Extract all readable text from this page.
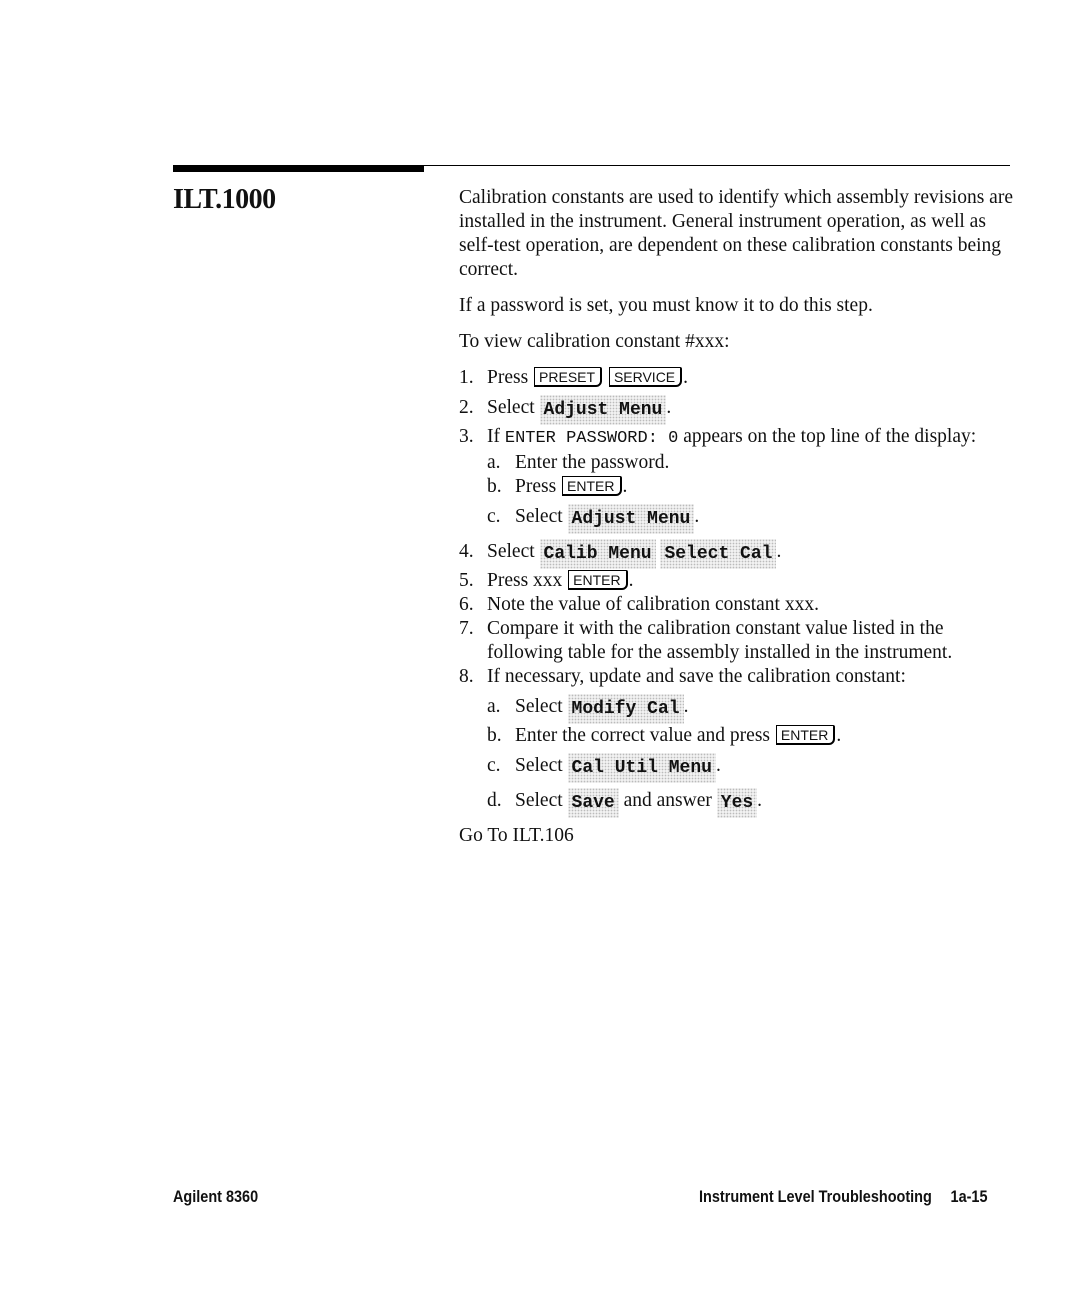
ILT.1000	Calibration constants are used to identify which assembly revisions are installed in the instrument. General instrument operation, as well as self-test operation, are dependent on these calibration constants being correct.

If a password is set, you must know it to do this step.

To view calibration constant #xxx:

1. Press PRESET SERVICE .
2. Select Adjust Menu .
3. If ENTER PASSWORD: 0 appears on the top line of the display:
a. Enter the password.
b. Press ENTER .
c. Select Adjust Menu .
4. Select Calib Menu Select Cal .
5. Press xxx ENTER .
6. Note the value of calibration constant xxx.
7. Compare it with the calibration constant value listed in the following table for the assembly installed in the instrument.
8. If necessary, update and save the calibration constant:
a. Select Modify Cal .
b. Enter the correct value and press ENTER .
c. Select Cal Util Menu .
d. Select Save and answer Yes .

Go To ILT.106

Agilent 8360	Instrument Level Troubleshooting 1a-15
